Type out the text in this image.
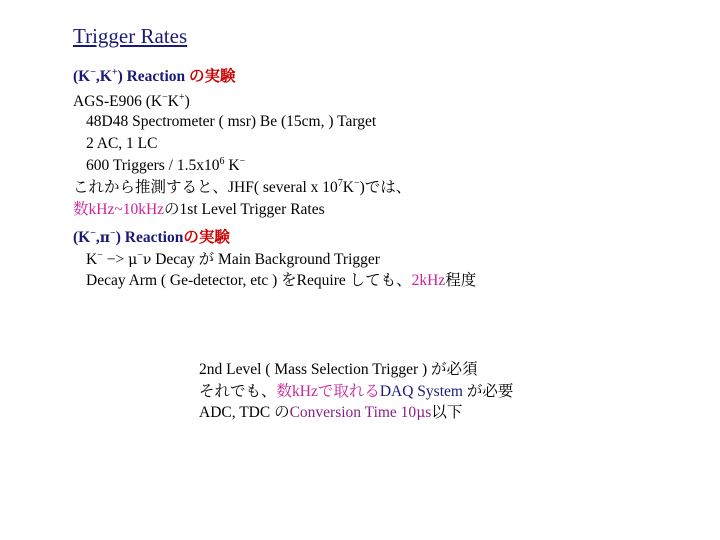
Trigger Rates
(K−,K+) Reaction の実験
AGS-E906 (K−K+)
48D48 Spectrometer ( msr) Be (15cm, ) Target
2 AC, 1 LC
600 Triggers / $1.5x10^6$ K−
これから推測すると、JHF( several x $10^7K^-$)では、
数kHz~10kHzの1st Level Trigger Rates
(K−,π−) Reactionの実験
K− −> μ−ν Decay が Main Background Trigger
Decay Arm ( Ge-detector, etc ) をRequire しても、2kHz程度
2nd Level ( Mass Selection Trigger ) が必須
それでも、数kHzで取れるDAQ System が必要
ADC, TDC のConversion Time 10μs以下
